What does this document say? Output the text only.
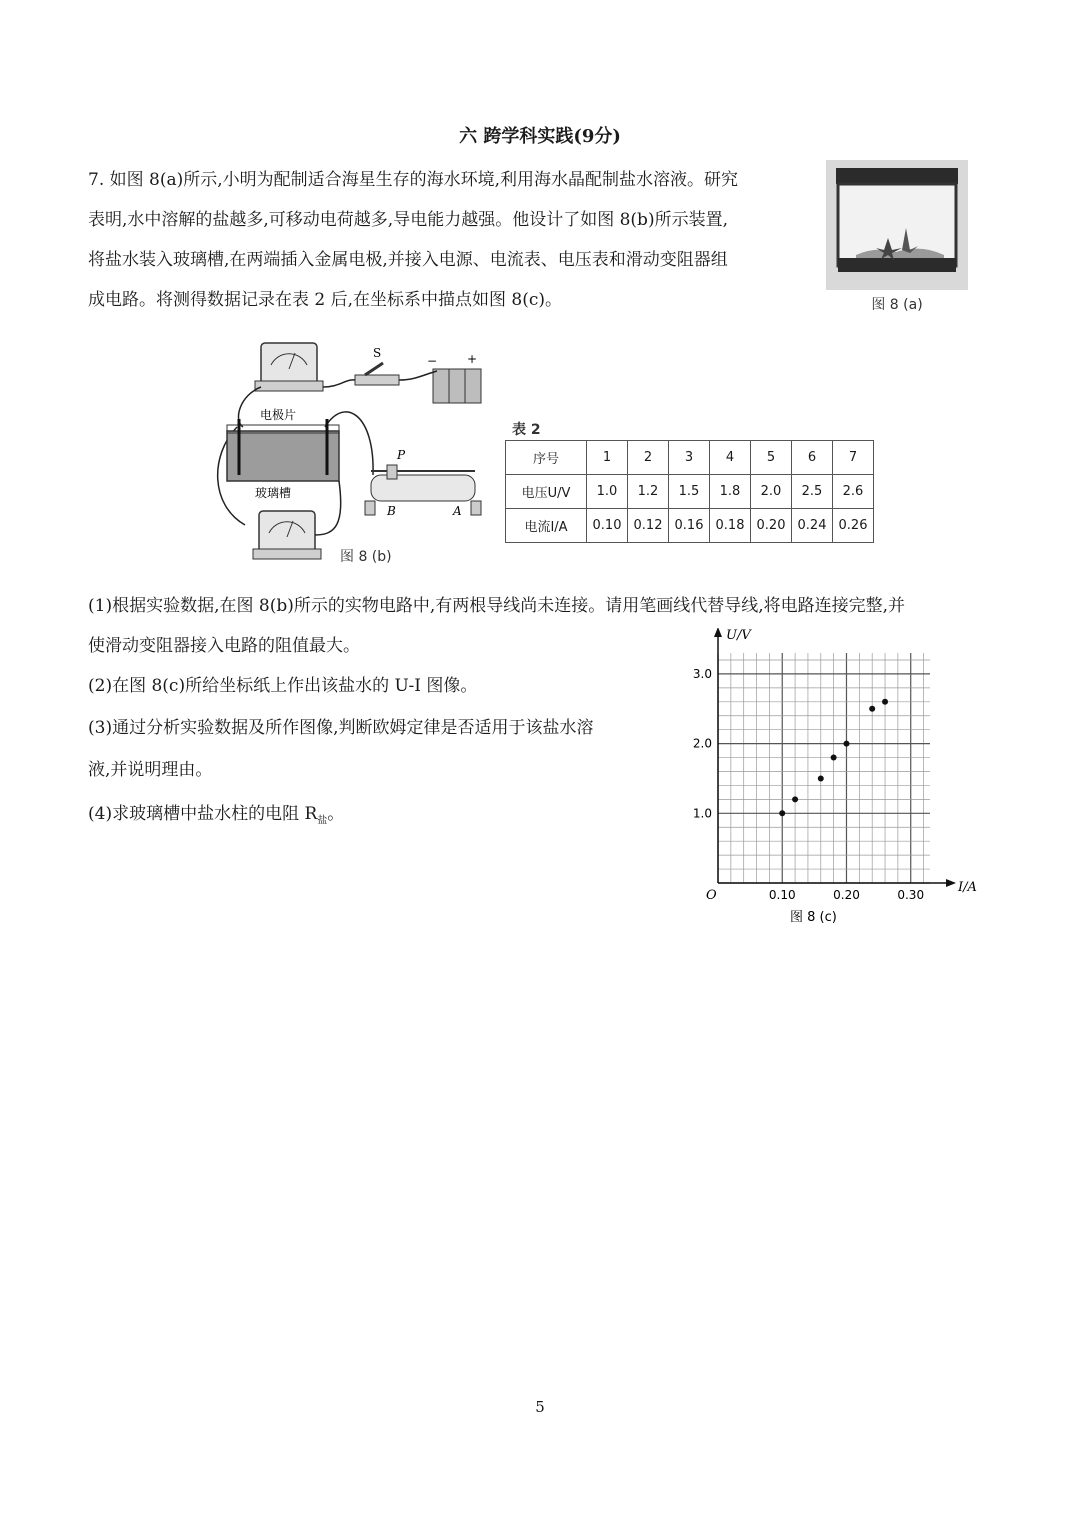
六 跨学科实践(9分)
7. 如图 8(a)所示,小明为配制适合海星生存的海水环境,利用海水晶配制盐水溶液。研究
表明,水中溶解的盐越多,可移动电荷越多,导电能力越强。他设计了如图 8(b)所示装置,
将盐水装入玻璃槽,在两端插入金属电极,并接入电源、电流表、电压表和滑动变阻器组
成电路。将测得数据记录在表 2 后,在坐标系中描点如图 8(c)。	图 8 (a)
S
− +
电极片
玻璃槽
P
B	A
图 8 (b)
表 2
序号	1	2	3	4	5	6	7
电压U/V	1.0	1.2	1.5	1.8	2.0	2.5	2.6
电流I/A	0.10	0.12	0.16	0.18	0.20	0.24	0.26
(1)根据实验数据,在图 8(b)所示的实物电路中,有两根导线尚未连接。请用笔画线代替导线,将电路连接完整,并
使滑动变阻器接入电路的阻值最大。
(2)在图 8(c)所给坐标纸上作出该盐水的 U-I 图像。
(3)通过分析实验数据及所作图像,判断欧姆定律是否适用于该盐水溶
液,并说明理由。
(4)求玻璃槽中盐水柱的电阻 $R_盐$。
0.10	0.20	0.30
1.0
2.0
3.0
U/V
I/A
O
图 8 (c)
5
